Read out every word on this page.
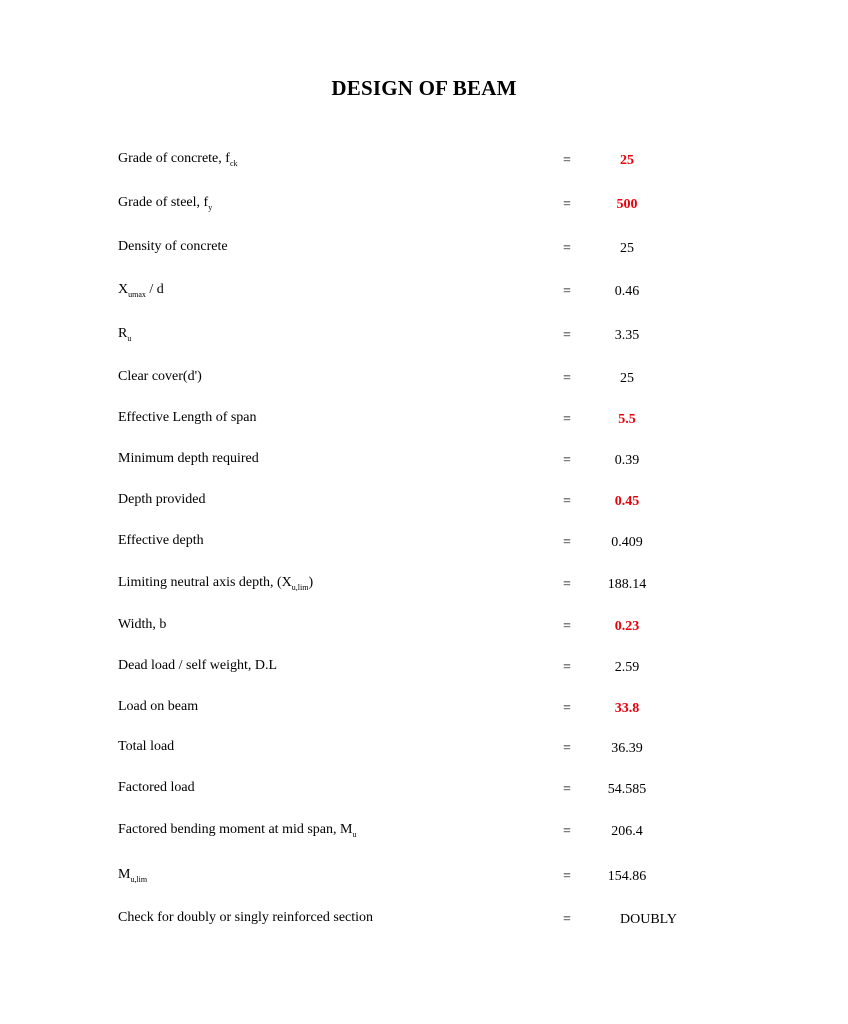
DESIGN OF BEAM
Grade of concrete, $f_{ck}$	=	25
Grade of steel, $f_y$	=	500
Density of concrete	=	25
$X_{umax}$ / d	=	0.46
$R_u$	=	3.35
Clear cover(d')	=	25
Effective Length of span	=	5.5
Minimum depth required	=	0.39
Depth provided	=	0.45
Effective depth	=	0.409
Limiting neutral axis depth, $(X_{u,lim})$	=	188.14
Width, b	=	0.23
Dead load / self weight, D.L	=	2.59
Load on beam	=	33.8
Total load	=	36.39
Factored load	=	54.585
Factored bending moment at mid span, $M_u$	=	206.4
$M_{u,lim}$	=	154.86
Check for doubly or singly reinforced section	=	DOUBLY
